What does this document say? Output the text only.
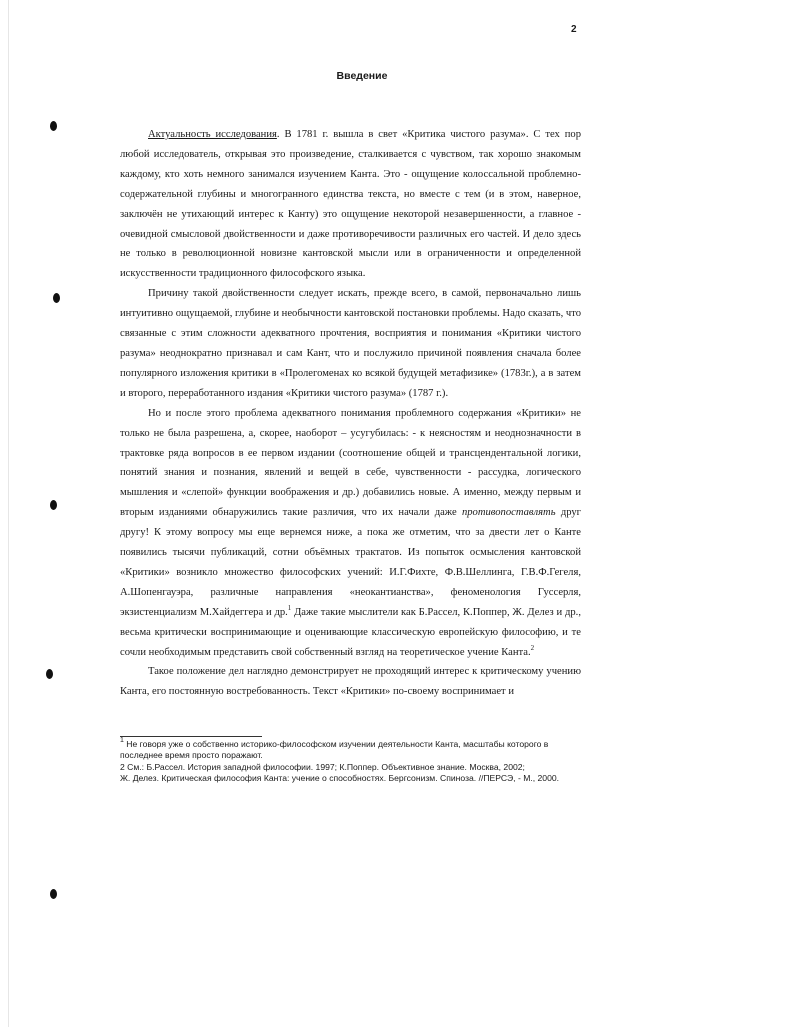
2
Введение

Актуальность исследования. В 1781 г. вышла в свет «Критика чистого разума». С тех пор любой исследователь, открывая это произведение, сталкивается с чувством, так хорошо знакомым каждому, кто хоть немного занимался изучением Канта. Это - ощущение колоссальной проблемно-содержательной глубины и многогранного единства текста, но вместе с тем (и в этом, наверное, заключён не утихающий интерес к Канту) это ощущение некоторой незавершенности, а главное - очевидной смысловой двойственности и даже противоречивости различных его частей. И дело здесь не только в революционной новизне кантовской мысли или в ограниченности и определенной искусственности традиционного философского языка.

Причину такой двойственности следует искать, прежде всего, в самой, первоначально лишь интуитивно ощущаемой, глубине и необычности кантовской постановки проблемы. Надо сказать, что связанные с этим сложности адекватного прочтения, восприятия и понимания «Критики чистого разума» неоднократно признавал и сам Кант, что и послужило причиной появления сначала более популярного изложения критики в «Пролегоменах ко всякой будущей метафизике» (1783г.), а в затем и второго, переработанного издания «Критики чистого разума» (1787 г.).

Но и после этого проблема адекватного понимания проблемного содержания «Критики» не только не была разрешена, а, скорее, наоборот – усугубилась: - к неясностям и неоднозначности в трактовке ряда вопросов в ее первом издании (соотношение общей и трансцендентальной логики, понятий знания и познания, явлений и вещей в себе, чувственности - рассудка, логического мышления и «слепой» функции воображения и др.) добавились новые. А именно, между первым и вторым изданиями обнаружились такие различия, что их начали даже противопоставлять друг другу! К этому вопросу мы еще вернемся ниже, а пока же отметим, что за двести лет о Канте появились тысячи публикаций, сотни объёмных трактатов. Из попыток осмысления кантовской «Критики» возникло множество философских учений: И.Г.Фихте, Ф.В.Шеллинга, Г.В.Ф.Гегеля, А.Шопенгауэра, различные направления «неокантианства», феноменология Гуссерля, экзистенциализм М.Хайдеггера и др.$^1$ Даже такие мыслители как Б.Рассел, К.Поппер, Ж. Делез и др., весьма критически воспринимающие и оценивающие классическую европейскую философию, и те сочли необходимым представить свой собственный взгляд на теоретическое учение Канта.$^2$

Такое положение дел наглядно демонстрирует не проходящий интерес к критическому учению Канта, его постоянную востребованность. Текст «Критики» по-своему воспринимает и

$^1$ Не говоря уже о собственно историко-философском изучении деятельности Канта, масштабы которого в последнее время просто поражают.

2 См.: Б.Рассел. История западной философии. 1997; К.Поппер. Объективное знание. Москва, 2002;

Ж. Делез. Критическая философия Канта: учение о способностях. Бергсонизм. Спиноза. //ПЕРСЭ, - М., 2000.
